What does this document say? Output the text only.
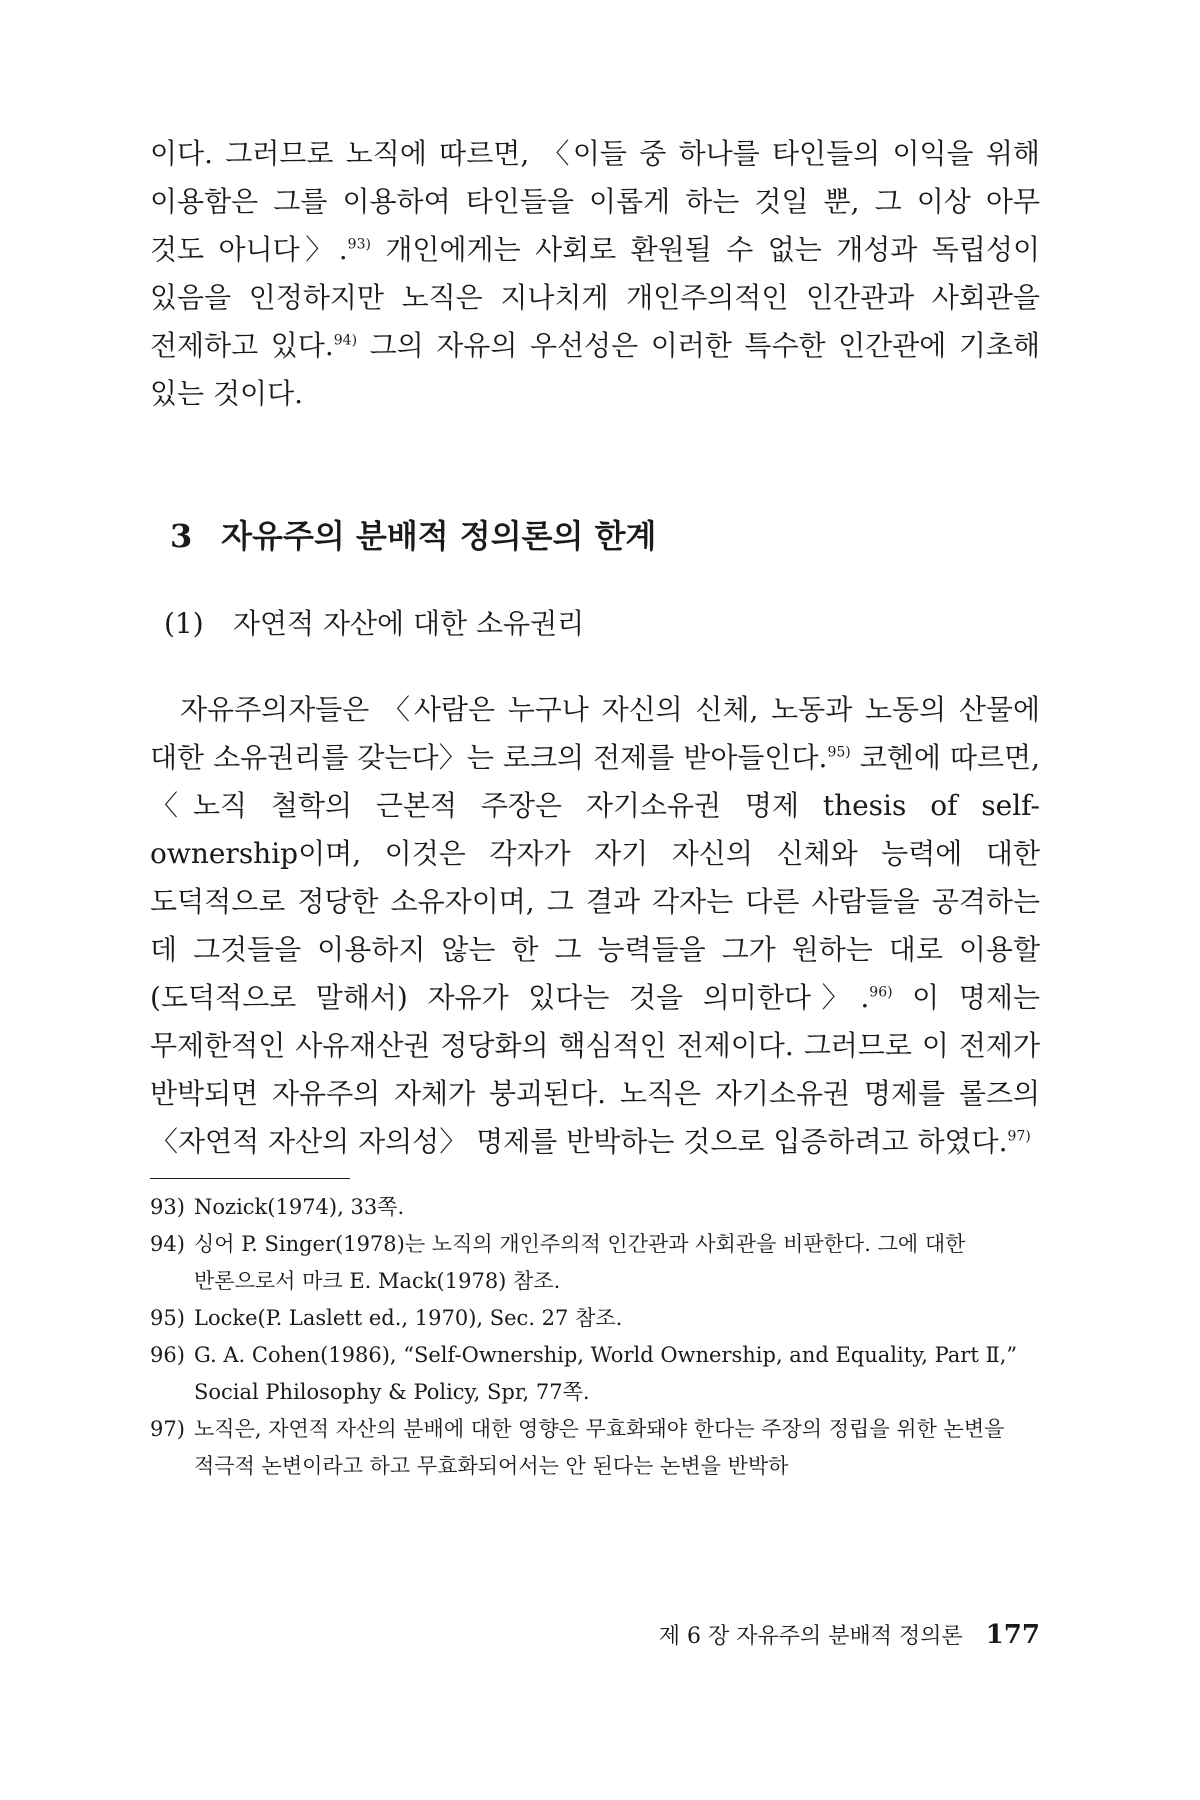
이다. 그러므로 노직에 따르면, 〈이들 중 하나를 타인들의 이익을 위해 이용함은 그를 이용하여 타인들을 이롭게 하는 것일 뿐, 그 이상 아무 것도 아니다〉.$^{93)}$ 개인에게는 사회로 환원될 수 없는 개성과 독립성이 있음을 인정하지만 노직은 지나치게 개인주의적인 인간관과 사회관을 전제하고 있다.$^{94)}$ 그의 자유의 우선성은 이러한 특수한 인간관에 기초해 있는 것이다.

3 자유주의 분배적 정의론의 한계
(1) 자연적 자산에 대한 소유권리

자유주의자들은 〈사람은 누구나 자신의 신체, 노동과 노동의 산물에 대한 소유권리를 갖는다〉는 로크의 전제를 받아들인다.$^{95)}$ 코헨에 따르면, 〈노직 철학의 근본적 주장은 자기소유권 명제 thesis of self-ownership이며, 이것은 각자가 자기 자신의 신체와 능력에 대한 도덕적으로 정당한 소유자이며, 그 결과 각자는 다른 사람들을 공격하는 데 그것들을 이용하지 않는 한 그 능력들을 그가 원하는 대로 이용할 (도덕적으로 말해서) 자유가 있다는 것을 의미한다〉.$^{96)}$ 이 명제는 무제한적인 사유재산권 정당화의 핵심적인 전제이다. 그러므로 이 전제가 반박되면 자유주의 자체가 붕괴된다. 노직은 자기소유권 명제를 롤즈의 〈자연적 자산의 자의성〉 명제를 반박하는 것으로 입증하려고 하였다.$^{97)}$

93) Nozick(1974), 33쪽.
94) 싱어 P. Singer(1978)는 노직의 개인주의적 인간관과 사회관을 비판한다. 그에 대한 반론으로서 마크 E. Mack(1978) 참조.
95) Locke(P. Laslett ed., 1970), Sec. 27 참조.
96) G. A. Cohen(1986), “Self-Ownership, World Ownership, and Equality, Part Ⅱ,” Social Philosophy & Policy, Spr, 77쪽.
97) 노직은, 자연적 자산의 분배에 대한 영향은 무효화돼야 한다는 주장의 정립을 위한 논변을 적극적 논변이라고 하고 무효화되어서는 안 된다는 논변을 반박하
제 6 장 자유주의 분배적 정의론 177
